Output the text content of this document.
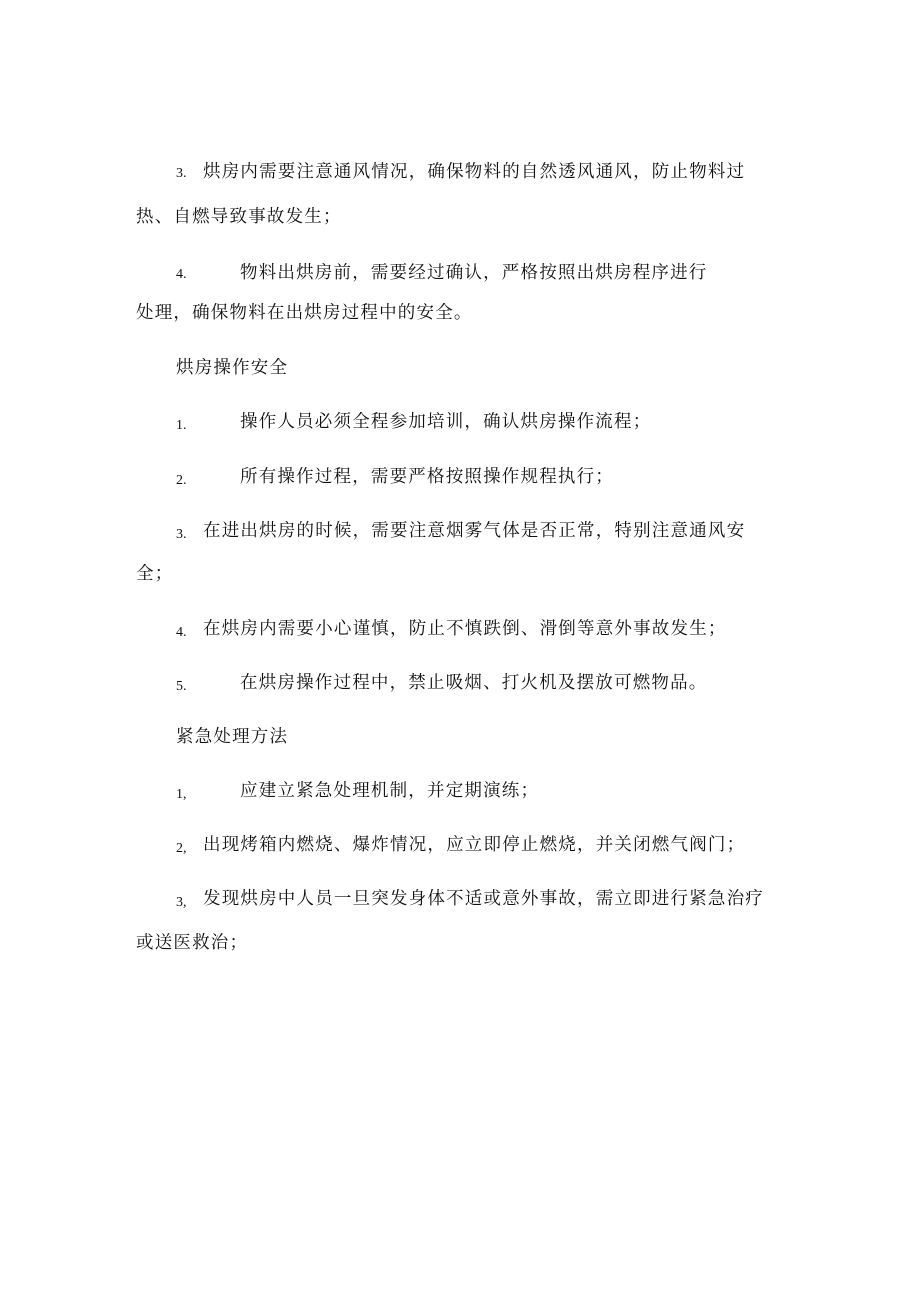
3. 烘房内需要注意通风情况，确保物料的自然透风通风，防止物料过
热、自燃导致事故发生；
4.	物料出烘房前，需要经过确认，严格按照出烘房程序进行
处理，确保物料在出烘房过程中的安全。
烘房操作安全
1.	操作人员必须全程参加培训，确认烘房操作流程；
2.	所有操作过程，需要严格按照操作规程执行；
3. 在进出烘房的时候，需要注意烟雾气体是否正常，特别注意通风安
全；
4. 在烘房内需要小心谨慎，防止不慎跌倒、滑倒等意外事故发生；
5.	在烘房操作过程中，禁止吸烟、打火机及摆放可燃物品。
紧急处理方法
1,	应建立紧急处理机制，并定期演练；
2, 出现烤箱内燃烧、爆炸情况，应立即停止燃烧，并关闭燃气阀门；
3, 发现烘房中人员一旦突发身体不适或意外事故，需立即进行紧急治疗
或送医救治；
